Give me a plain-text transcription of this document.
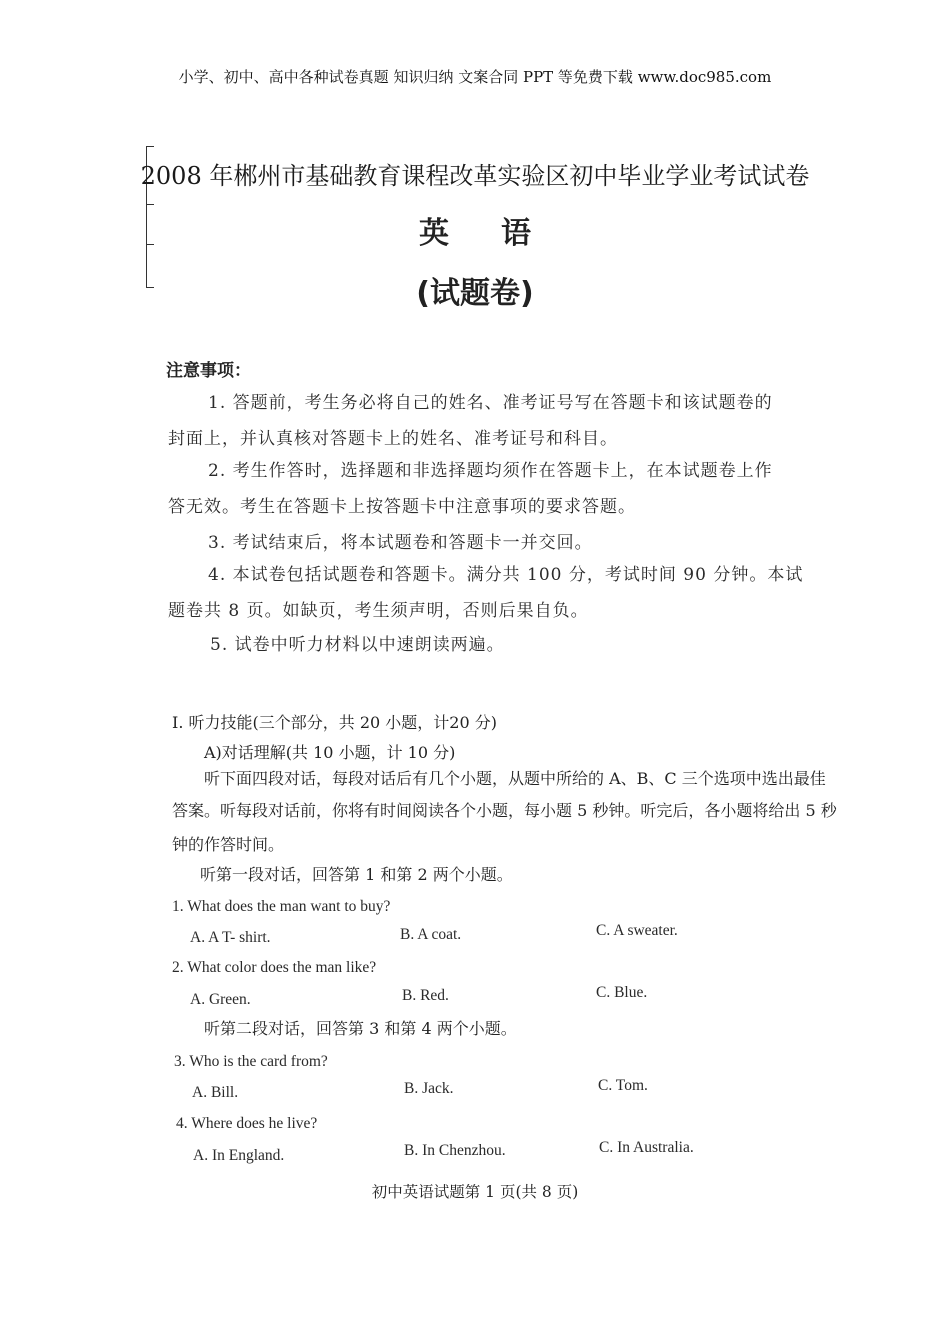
小学、初中、高中各种试卷真题 知识归纳 文案合同 PPT 等免费下载 www.doc985.com
2008 年郴州市基础教育课程改革实验区初中毕业学业考试试卷
英语
(试题卷)
注意事项：
1. 答题前，考生务必将自己的姓名、准考证号写在答题卡和该试题卷的
封面上，并认真核对答题卡上的姓名、准考证号和科目。
2. 考生作答时，选择题和非选择题均须作在答题卡上，在本试题卷上作
答无效。考生在答题卡上按答题卡中注意事项的要求答题。
3. 考试结束后，将本试题卷和答题卡一并交回。
4. 本试卷包括试题卷和答题卡。满分共 100 分，考试时间 90 分钟。本试
题卷共 8 页。如缺页，考生须声明，否则后果自负。
5. 试卷中听力材料以中速朗读两遍。
Ⅰ. 听力技能(三个部分，共 20 小题，计20 分)
A)对话理解(共 10 小题，计 10 分)
听下面四段对话，每段对话后有几个小题，从题中所给的 A、B、C 三个选项中选出最佳
答案。听每段对话前，你将有时间阅读各个小题，每小题 5 秒钟。听完后，各小题将给出 5 秒
钟的作答时间。
听第一段对话，回答第 1 和第 2 两个小题。
1. What does the man want to buy?
A. A T- shirt.	B. A coat.	C. A sweater.
2. What color does the man like?
A. Green.	B. Red.	C. Blue.
听第二段对话，回答第 3 和第 4 两个小题。
3. Who is the card from?
A. Bill.	B. Jack.	C. Tom.
4. Where does he live?
A. In England.	B. In Chenzhou.	C. In Australia.
初中英语试题第 1 页(共 8 页)
